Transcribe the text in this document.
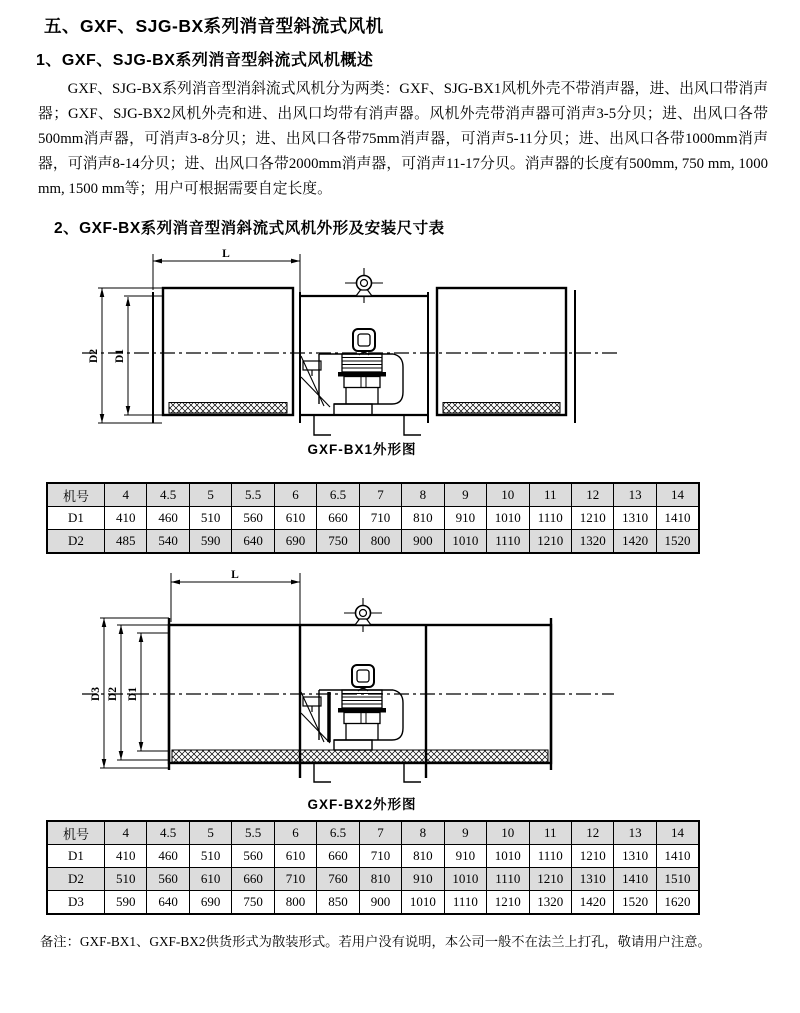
五、GXF、SJG-BX系列消音型斜流式风机
1、GXF、SJG-BX系列消音型斜流式风机概述

GXF、SJG-BX系列消音型消斜流式风机分为两类：GXF、SJG-BX1风机外壳不带消声器，进、出风口带消声器；GXF、SJG-BX2风机外壳和进、出风口均带有消声器。风机外壳带消声器可消声3-5分贝；进、出风口各带500mm消声器，可消声3-8分贝；进、出风口各带75mm消声器，可消声5-11分贝；进、出风口各带1000mm消声器，可消声8-14分贝；进、出风口各带2000mm消声器，可消声11-17分贝。消声器的长度有500mm, 750 mm, 1000 mm, 1500 mm等；用户可根据需要自定长度。

2、GXF-BX系列消音型消斜流式风机外形及安装尺寸表
L
D2 D1
GXF-BX1外形图
机号	4	4.5	5	5.5	6	6.5	7	8	9	10	11	12	13	14
D1	410	460	510	560	610	660	710	810	910	1010	1110	1210	1310	1410
D2	485	540	590	640	690	750	800	900	1010	1110	1210	1320	1420	1520
L
D3 D2 D1
GXF-BX2外形图
机号	4	4.5	5	5.5	6	6.5	7	8	9	10	11	12	13	14
D1	410	460	510	560	610	660	710	810	910	1010	1110	1210	1310	1410
D2	510	560	610	660	710	760	810	910	1010	1110	1210	1310	1410	1510
D3	590	640	690	750	800	850	900	1010	1110	1210	1320	1420	1520	1620
备注：GXF-BX1、GXF-BX2供货形式为散装形式。若用户没有说明，本公司一般不在法兰上打孔，敬请用户注意。
